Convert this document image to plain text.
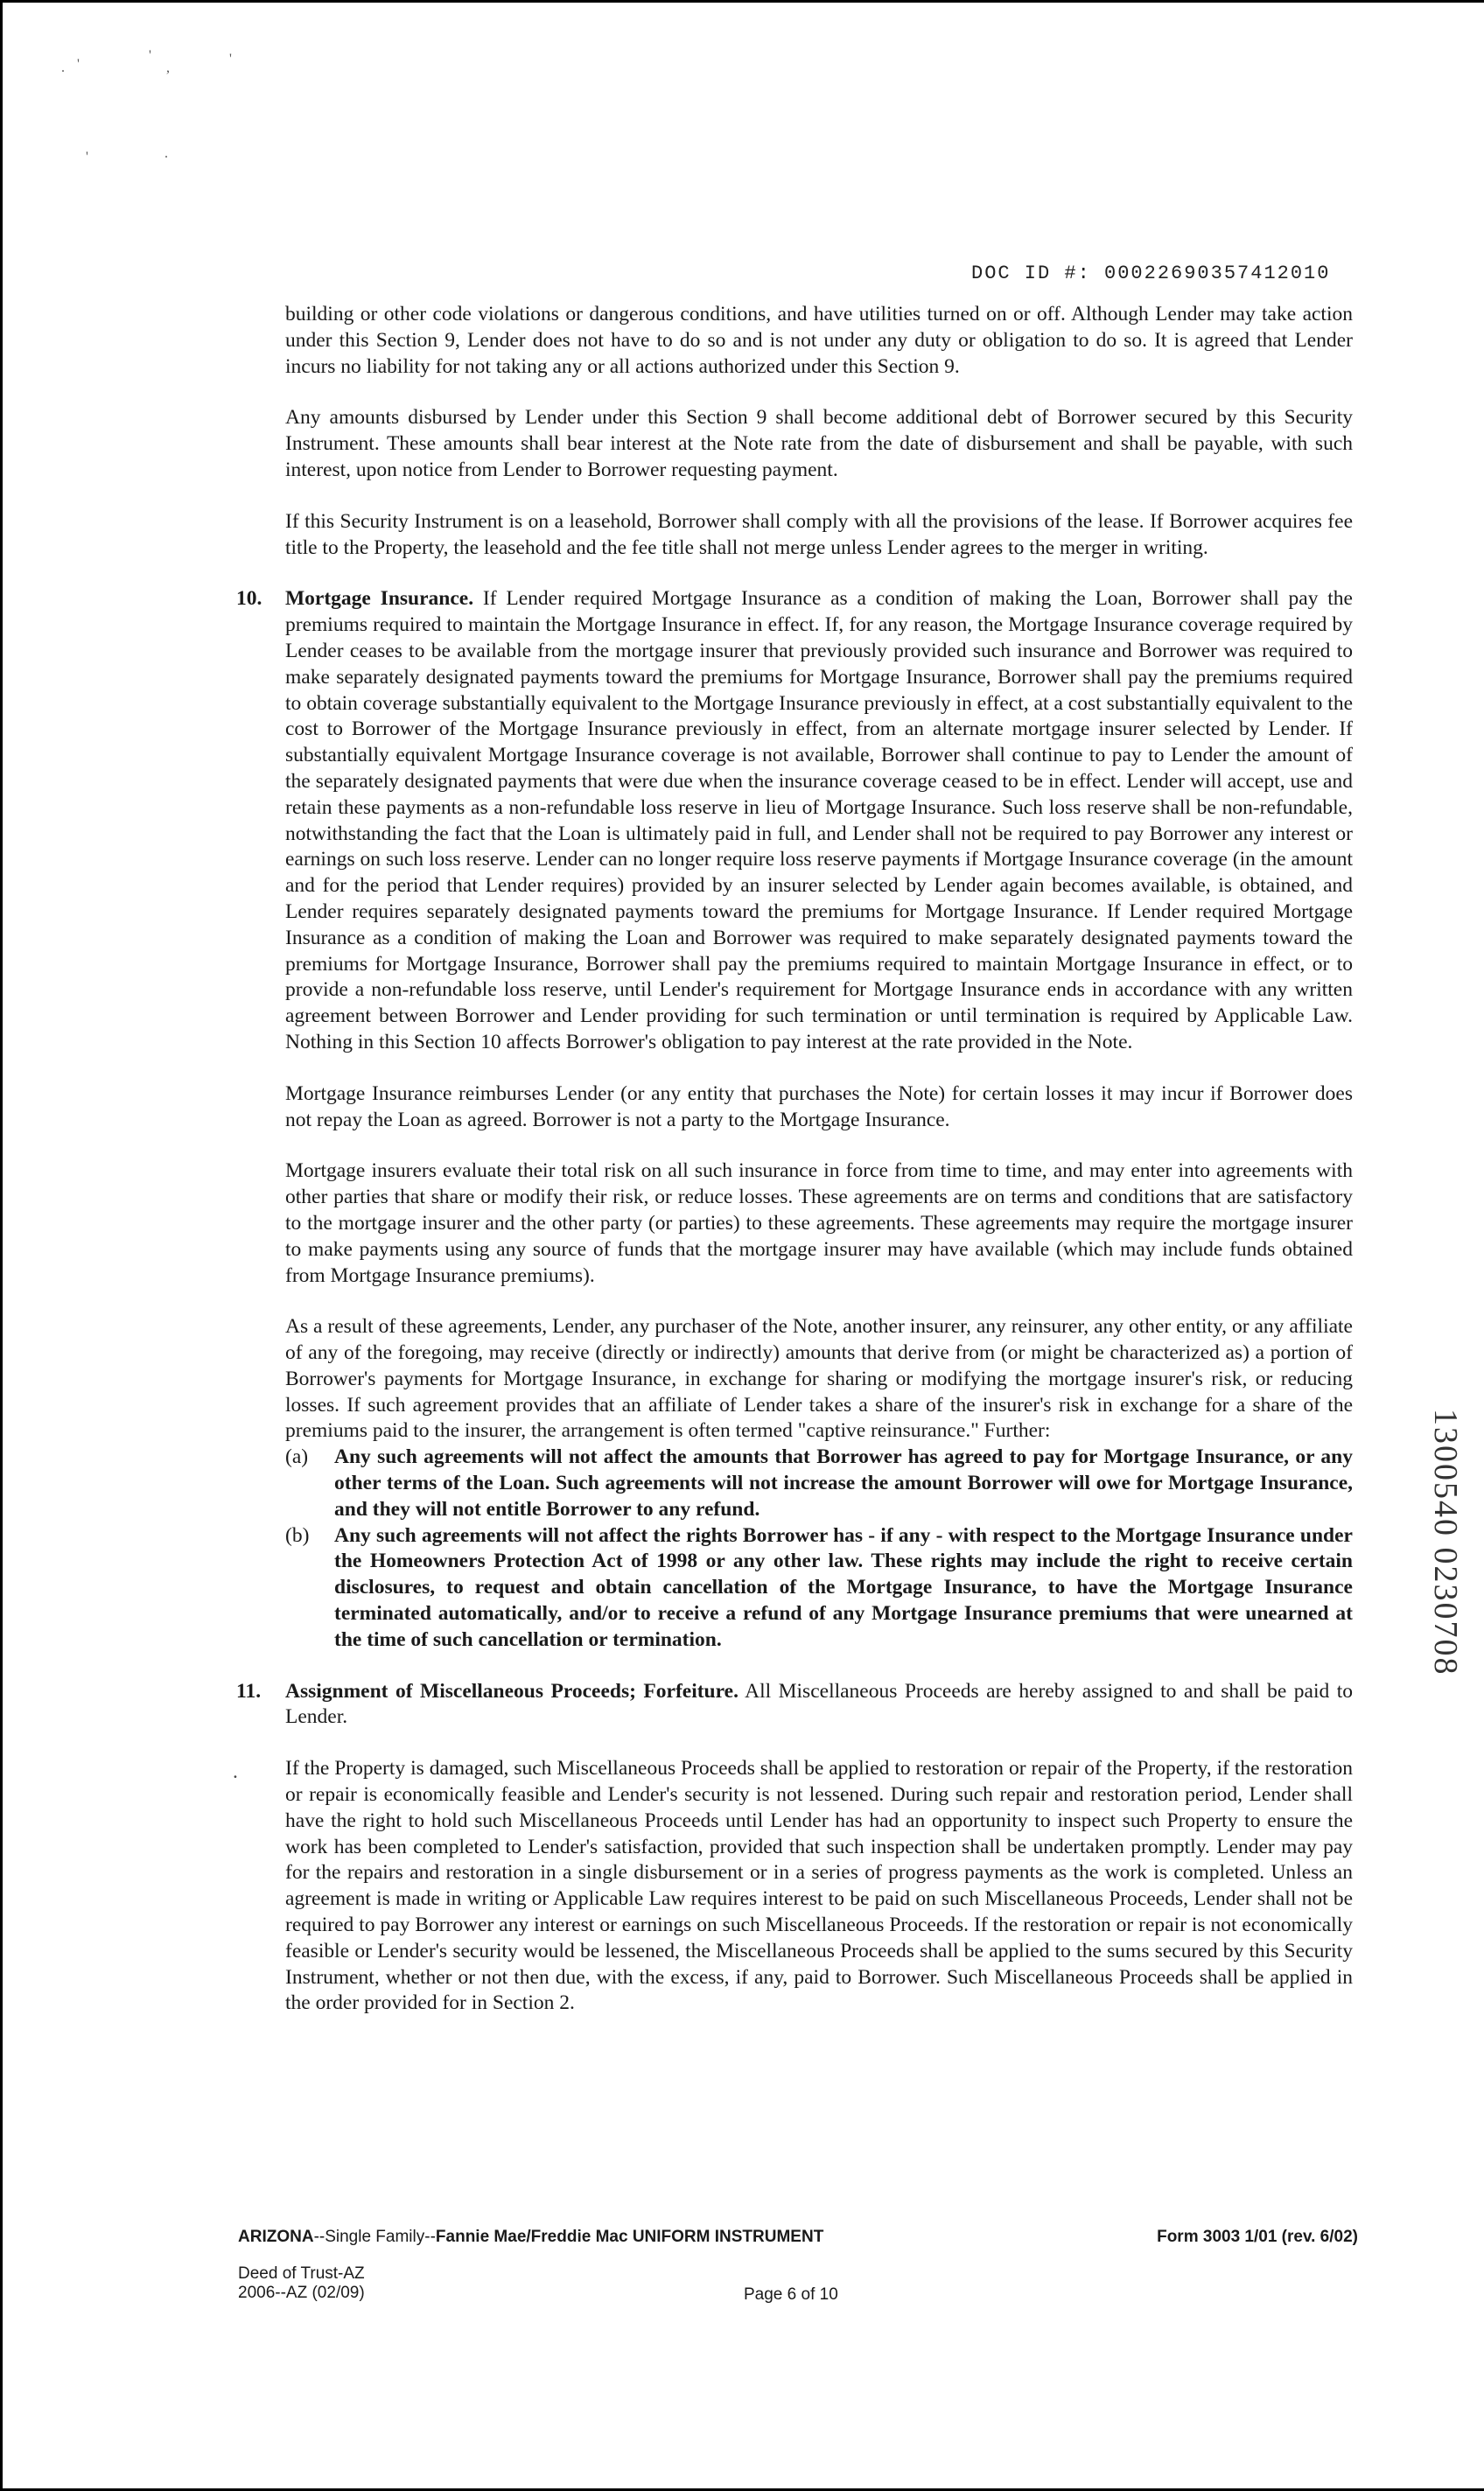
. '
'
,
'
'	.
DOC ID #: 00022690357412010

building or other code violations or dangerous conditions, and have utilities turned on or off. Although Lender may take action under this Section 9, Lender does not have to do so and is not under any duty or obligation to do so. It is agreed that Lender incurs no liability for not taking any or all actions authorized under this Section 9.

Any amounts disbursed by Lender under this Section 9 shall become additional debt of Borrower secured by this Security Instrument. These amounts shall bear interest at the Note rate from the date of disbursement and shall be payable, with such interest, upon notice from Lender to Borrower requesting payment.

If this Security Instrument is on a leasehold, Borrower shall comply with all the provisions of the lease. If Borrower acquires fee title to the Property, the leasehold and the fee title shall not merge unless Lender agrees to the merger in writing.

10. Mortgage Insurance. If Lender required Mortgage Insurance as a condition of making the Loan, Borrower shall pay the premiums required to maintain the Mortgage Insurance in effect. If, for any reason, the Mortgage Insurance coverage required by Lender ceases to be available from the mortgage insurer that previously provided such insurance and Borrower was required to make separately designated payments toward the premiums for Mortgage Insurance, Borrower shall pay the premiums required to obtain coverage substantially equivalent to the Mortgage Insurance previously in effect, at a cost substantially equivalent to the cost to Borrower of the Mortgage Insurance previously in effect, from an alternate mortgage insurer selected by Lender. If substantially equivalent Mortgage Insurance coverage is not available, Borrower shall continue to pay to Lender the amount of the separately designated payments that were due when the insurance coverage ceased to be in effect. Lender will accept, use and retain these payments as a non-refundable loss reserve in lieu of Mortgage Insurance. Such loss reserve shall be non-refundable, notwithstanding the fact that the Loan is ultimately paid in full, and Lender shall not be required to pay Borrower any interest or earnings on such loss reserve. Lender can no longer require loss reserve payments if Mortgage Insurance coverage (in the amount and for the period that Lender requires) provided by an insurer selected by Lender again becomes available, is obtained, and Lender requires separately designated payments toward the premiums for Mortgage Insurance. If Lender required Mortgage Insurance as a condition of making the Loan and Borrower was required to make separately designated payments toward the premiums for Mortgage Insurance, Borrower shall pay the premiums required to maintain Mortgage Insurance in effect, or to provide a non-refundable loss reserve, until Lender's requirement for Mortgage Insurance ends in accordance with any written agreement between Borrower and Lender providing for such termination or until termination is required by Applicable Law. Nothing in this Section 10 affects Borrower's obligation to pay interest at the rate provided in the Note.

Mortgage Insurance reimburses Lender (or any entity that purchases the Note) for certain losses it may incur if Borrower does not repay the Loan as agreed. Borrower is not a party to the Mortgage Insurance.

Mortgage insurers evaluate their total risk on all such insurance in force from time to time, and may enter into agreements with other parties that share or modify their risk, or reduce losses. These agreements are on terms and conditions that are satisfactory to the mortgage insurer and the other party (or parties) to these agreements. These agreements may require the mortgage insurer to make payments using any source of funds that the mortgage insurer may have available (which may include funds obtained from Mortgage Insurance premiums).

As a result of these agreements, Lender, any purchaser of the Note, another insurer, any reinsurer, any other entity, or any affiliate of any of the foregoing, may receive (directly or indirectly) amounts that derive from (or might be characterized as) a portion of Borrower's payments for Mortgage Insurance, in exchange for sharing or modifying the mortgage insurer's risk, or reducing losses. If such agreement provides that an affiliate of Lender takes a share of the insurer's risk in exchange for a share of the premiums paid to the insurer, the arrangement is often termed "captive reinsurance." Further:

(a) Any such agreements will not affect the amounts that Borrower has agreed to pay for Mortgage Insurance, or any other terms of the Loan. Such agreements will not increase the amount Borrower will owe for Mortgage Insurance, and they will not entitle Borrower to any refund.
(b) Any such agreements will not affect the rights Borrower has - if any - with respect to the Mortgage Insurance under the Homeowners Protection Act of 1998 or any other law. These rights may include the right to receive certain disclosures, to request and obtain cancellation of the Mortgage Insurance, to have the Mortgage Insurance terminated automatically, and/or to receive a refund of any Mortgage Insurance premiums that were unearned at the time of such cancellation or termination.
11. Assignment of Miscellaneous Proceeds; Forfeiture. All Miscellaneous Proceeds are hereby assigned to and shall be paid to Lender.

. If the Property is damaged, such Miscellaneous Proceeds shall be applied to restoration or repair of the Property, if the restoration or repair is economically feasible and Lender's security is not lessened. During such repair and restoration period, Lender shall have the right to hold such Miscellaneous Proceeds until Lender has had an opportunity to inspect such Property to ensure the work has been completed to Lender's satisfaction, provided that such inspection shall be undertaken promptly. Lender may pay for the repairs and restoration in a single disbursement or in a series of progress payments as the work is completed. Unless an agreement is made in writing or Applicable Law requires interest to be paid on such Miscellaneous Proceeds, Lender shall not be required to pay Borrower any interest or earnings on such Miscellaneous Proceeds. If the restoration or repair is not economically feasible or Lender's security would be lessened, the Miscellaneous Proceeds shall be applied to the sums secured by this Security Instrument, whether or not then due, with the excess, if any, paid to Borrower. Such Miscellaneous Proceeds shall be applied in the order provided for in Section 2.

1300540 0230708
ARIZONA--Single Family--Fannie Mae/Freddie Mac UNIFORM INSTRUMENT	Form 3003 1/01 (rev. 6/02)
Deed of Trust-AZ
2006--AZ (02/09)	Page 6 of 10
